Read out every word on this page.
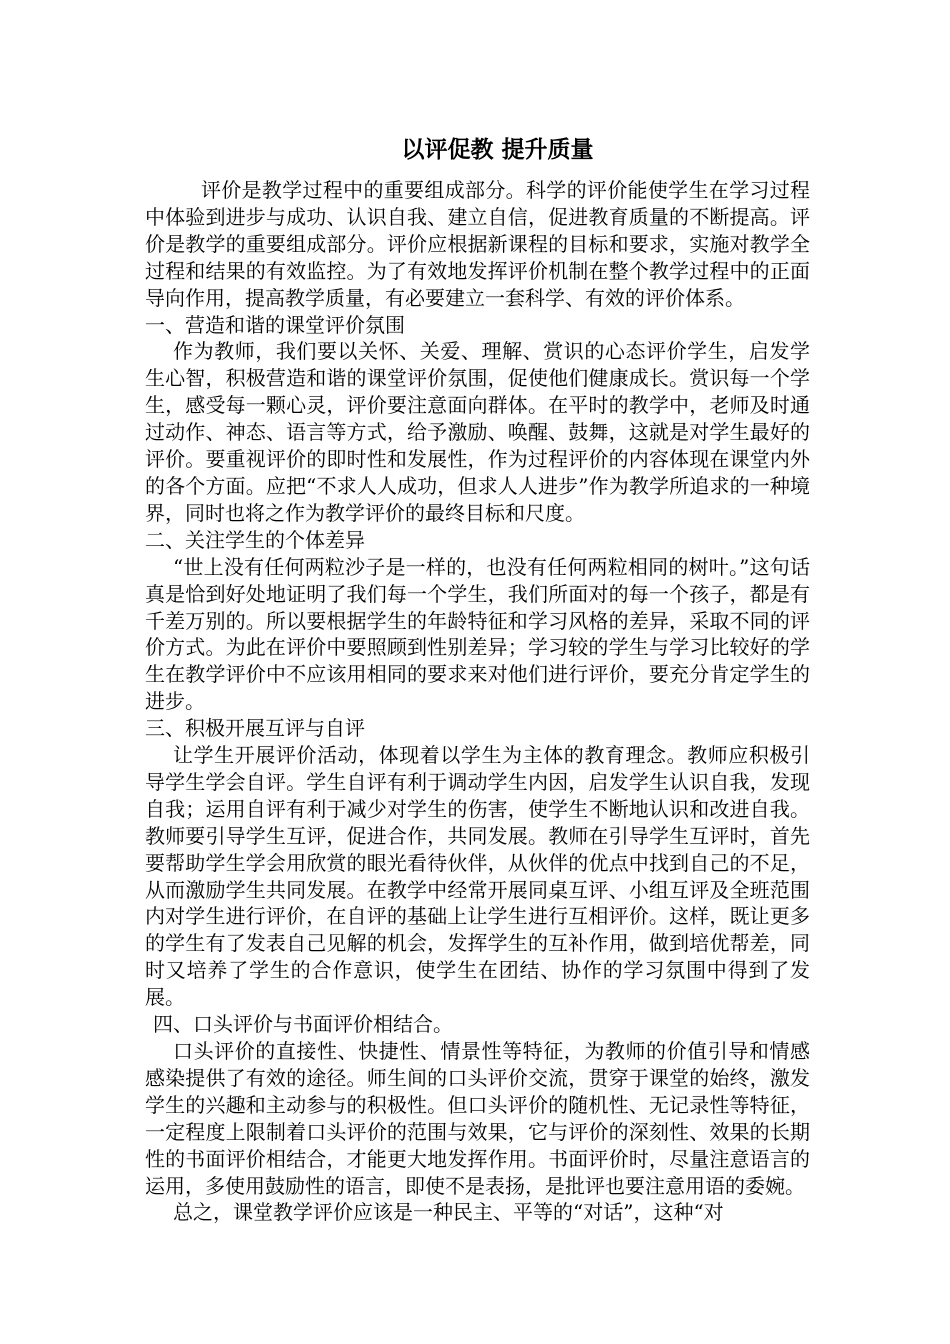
以评促教 提升质量

评价是教学过程中的重要组成部分。科学的评价能使学生在学习过程中体验到进步与成功、认识自我、建立自信，促进教育质量的不断提高。评价是教学的重要组成部分。评价应根据新课程的目标和要求，实施对教学全过程和结果的有效监控。为了有效地发挥评价机制在整个教学过程中的正面导向作用，提高教学质量，有必要建立一套科学、有效的评价体系。

一、营造和谐的课堂评价氛围

作为教师，我们要以关怀、关爱、理解、赏识的心态评价学生，启发学生心智，积极营造和谐的课堂评价氛围，促使他们健康成长。赏识每一个学生，感受每一颗心灵，评价要注意面向群体。在平时的教学中，老师及时通过动作、神态、语言等方式，给予激励、唤醒、鼓舞，这就是对学生最好的评价。要重视评价的即时性和发展性，作为过程评价的内容体现在课堂内外的各个方面。应把“不求人人成功，但求人人进步”作为教学所追求的一种境界，同时也将之作为教学评价的最终目标和尺度。

二、关注学生的个体差异

“世上没有任何两粒沙子是一样的，也没有任何两粒相同的树叶。”这句话真是恰到好处地证明了我们每一个学生，我们所面对的每一个孩子，都是有千差万别的。所以要根据学生的年龄特征和学习风格的差异，采取不同的评价方式。为此在评价中要照顾到性别差异；学习较的学生与学习比较好的学生在教学评价中不应该用相同的要求来对他们进行评价，要充分肯定学生的进步。

三、积极开展互评与自评

让学生开展评价活动，体现着以学生为主体的教育理念。教师应积极引导学生学会自评。学生自评有利于调动学生内因，启发学生认识自我，发现自我；运用自评有利于减少对学生的伤害，使学生不断地认识和改进自我。教师要引导学生互评，促进合作，共同发展。教师在引导学生互评时，首先要帮助学生学会用欣赏的眼光看待伙伴，从伙伴的优点中找到自己的不足，从而激励学生共同发展。在教学中经常开展同桌互评、小组互评及全班范围内对学生进行评价，在自评的基础上让学生进行互相评价。这样，既让更多的学生有了发表自己见解的机会，发挥学生的互补作用，做到培优帮差，同时又培养了学生的合作意识，使学生在团结、协作的学习氛围中得到了发展。

四、口头评价与书面评价相结合。

口头评价的直接性、快捷性、情景性等特征，为教师的价值引导和情感感染提供了有效的途径。师生间的口头评价交流，贯穿于课堂的始终，激发学生的兴趣和主动参与的积极性。但口头评价的随机性、无记录性等特征，一定程度上限制着口头评价的范围与效果，它与评价的深刻性、效果的长期性的书面评价相结合，才能更大地发挥作用。书面评价时，尽量注意语言的运用，多使用鼓励性的语言，即使不是表扬，是批评也要注意用语的委婉。

总之，课堂教学评价应该是一种民主、平等的“对话”，这种“对
